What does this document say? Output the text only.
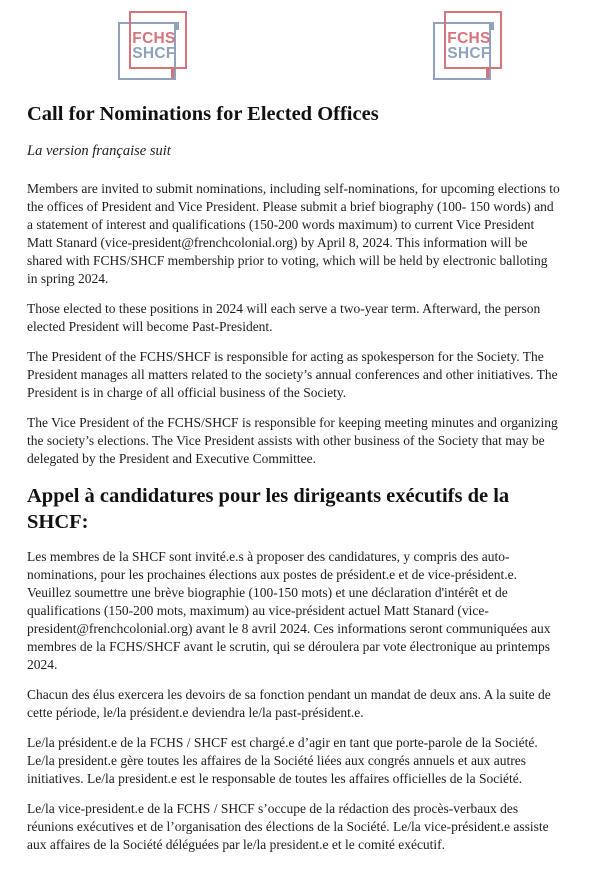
FCHS
SHCF
FCHS
SHCF
Call for Nominations for Elected Offices

La version française suit

Members are invited to submit nominations, including self-nominations, for upcoming elections to the offices of President and Vice President. Please submit a brief biography (100- 150 words) and a statement of interest and qualifications (150-200 words maximum) to current Vice President Matt Stanard (vice-president@frenchcolonial.org) by April 8, 2024. This information will be shared with FCHS/SHCF membership prior to voting, which will be held by electronic balloting in spring 2024.

Those elected to these positions in 2024 will each serve a two-year term. Afterward, the person elected President will become Past-President.

The President of the FCHS/SHCF is responsible for acting as spokesperson for the Society. The President manages all matters related to the society’s annual conferences and other initiatives. The President is in charge of all official business of the Society.

The Vice President of the FCHS/SHCF is responsible for keeping meeting minutes and organizing the society’s elections. The Vice President assists with other business of the Society that may be delegated by the President and Executive Committee.

Appel à candidatures pour les dirigeants exécutifs de la SHCF:

Les membres de la SHCF sont invité.e.s à proposer des candidatures, y compris des auto-nominations, pour les prochaines élections aux postes de président.e et de vice-président.e. Veuillez soumettre une brève biographie (100-150 mots) et une déclaration d'intérêt et de qualifications (150-200 mots, maximum) au vice-président actuel Matt Stanard (vice-president@frenchcolonial.org) avant le 8 avril 2024. Ces informations seront communiquées aux membres de la FCHS/SHCF avant le scrutin, qui se déroulera par vote électronique au printemps 2024.

Chacun des élus exercera les devoirs de sa fonction pendant un mandat de deux ans. A la suite de cette période, le/la président.e deviendra le/la past-président.e.

Le/la président.e de la FCHS / SHCF est chargé.e d’agir en tant que porte-parole de la Société. Le/la president.e gère toutes les affaires de la Société liées aux congrés annuels et aux autres initiatives. Le/la president.e est le responsable de toutes les affaires officielles de la Société.

Le/la vice-president.e de la FCHS / SHCF s’occupe de la rédaction des procès-verbaux des réunions exécutives et de l’organisation des élections de la Société. Le/la vice-président.e assiste aux affaires de la Société déléguées par le/la president.e et le comité exécutif.
